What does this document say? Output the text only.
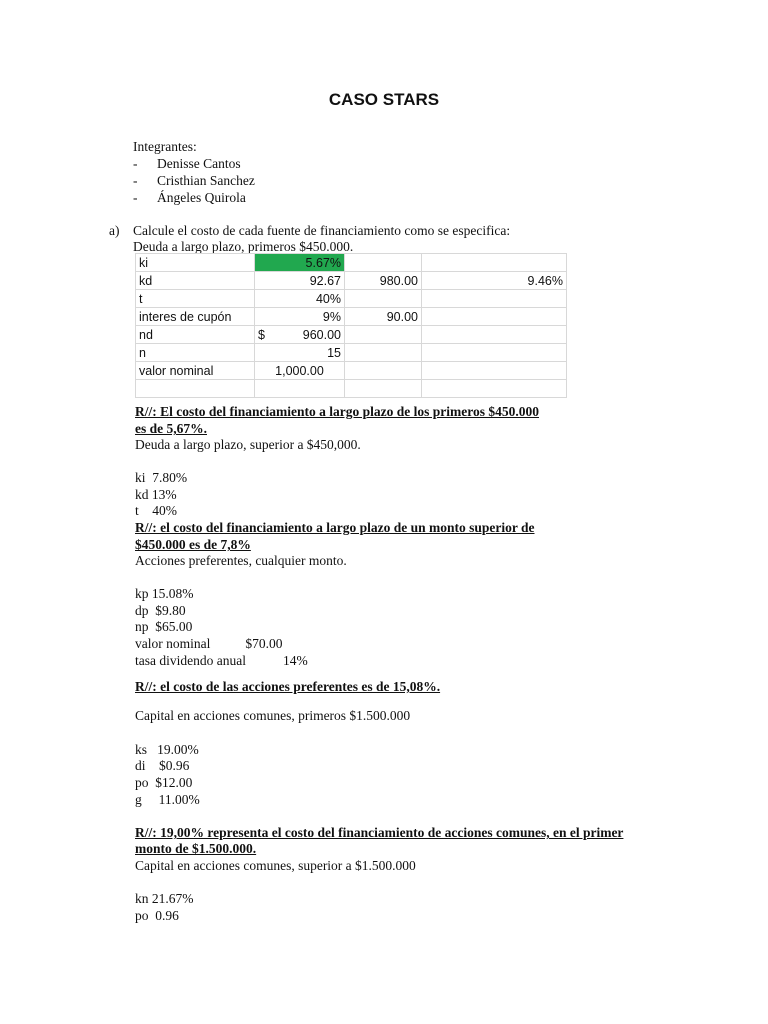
CASO STARS
Integrantes:
- Denisse Cantos
- Cristhian Sanchez
- Ángeles Quirola
a) Calcule el costo de cada fuente de financiamiento como se especifica:
Deuda a largo plazo, primeros $450.000.
ki	5.67%		
kd	92.67	980.00	9.46%
t	40%		
interes de cupón	9%	90.00	
nd	$ 960.00		
n	15		
valor nominal	1,000.00		

R//: El costo del financiamiento a largo plazo de los primeros $450.000
es de 5,67%.
Deuda a largo plazo, superior a $450,000.
ki 7.80%
kd 13%
t 40%
R//: el costo del financiamiento a largo plazo de un monto superior de
$450.000 es de 7,8%
Acciones preferentes, cualquier monto.
kp 15.08%
dp $9.80
np $65.00
valor nominal	$70.00
tasa dividendo anual	14%
R//: el costo de las acciones preferentes es de 15,08%.
Capital en acciones comunes, primeros $1.500.000
ks 19.00%
di $0.96
po $12.00
g 11.00%
R//: 19,00% representa el costo del financiamiento de acciones comunes, en el primer
monto de $1.500.000.
Capital en acciones comunes, superior a $1.500.000
kn 21.67%
po 0.96
